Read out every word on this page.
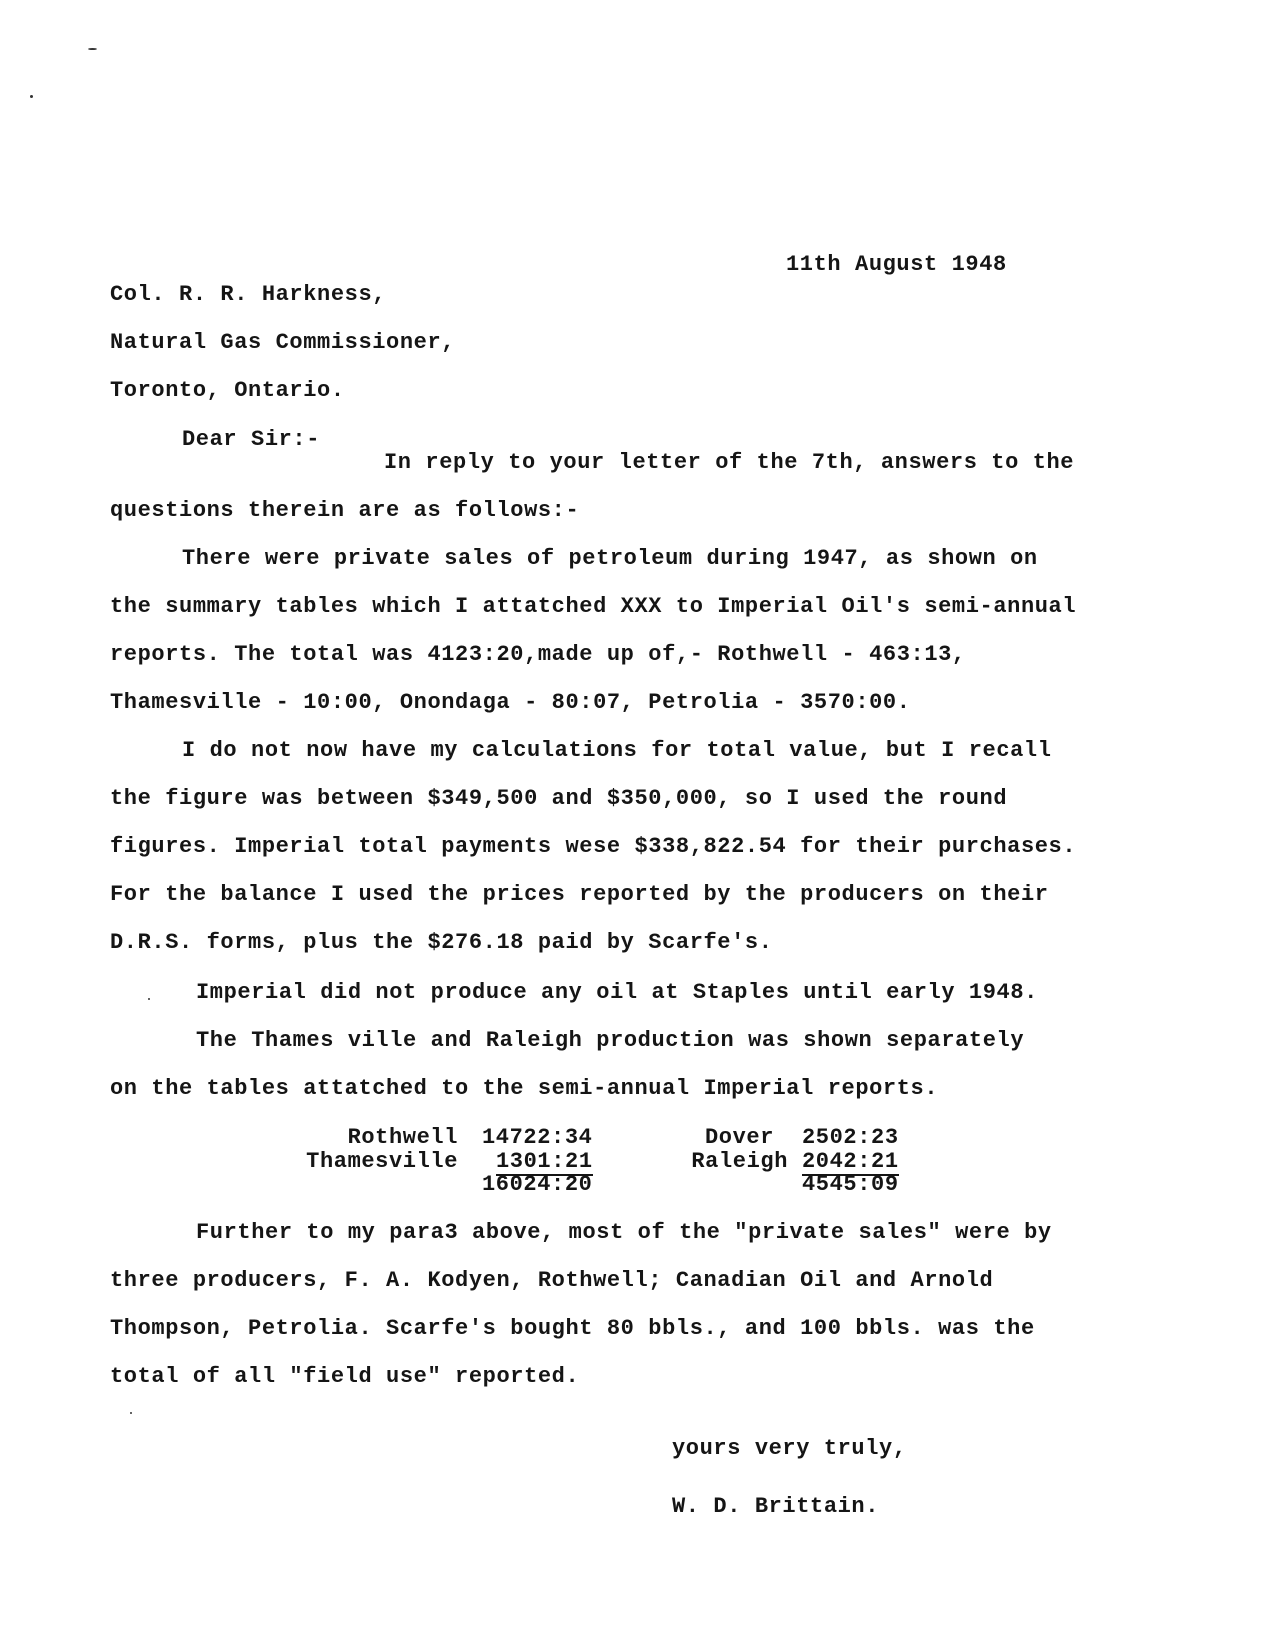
11th August 1948
Col. R. R. Harkness,
Natural Gas Commissioner,
Toronto, Ontario.
Dear Sir:-
In reply to your letter of the 7th, answers to the
questions therein are as follows:-
There were private sales of petroleum during 1947, as shown on
the summary tables which I attatched XXX to Imperial Oil's semi-annual
reports. The total was 4123:20,made up of,- Rothwell - 463:13,
Thamesville - 10:00, Onondaga - 80:07, Petrolia - 3570:00.
I do not now have my calculations for total value, but I recall
the figure was between $349,500 and $350,000, so I used the round
figures. Imperial total payments wese $338,822.54 for their purchases.
For the balance I used the prices reported by the producers on their
D.R.S. forms, plus the $276.18 paid by Scarfe's.
Imperial did not produce any oil at Staples until early 1948.
The Thames ville and Raleigh production was shown separately
on the tables attatched to the semi-annual Imperial reports.
Rothwell 14722:34
Thamesville 1301:21
16024:20
Dover 2502:23
Raleigh 2042:21
4545:09
Further to my para3 above, most of the "private sales" were by
three producers, F. A. Kodyen, Rothwell; Canadian Oil and Arnold
Thompson, Petrolia. Scarfe's bought 80 bbls., and 100 bbls. was the
total of all "field use" reported.
yours very truly,
W. D. Brittain.
